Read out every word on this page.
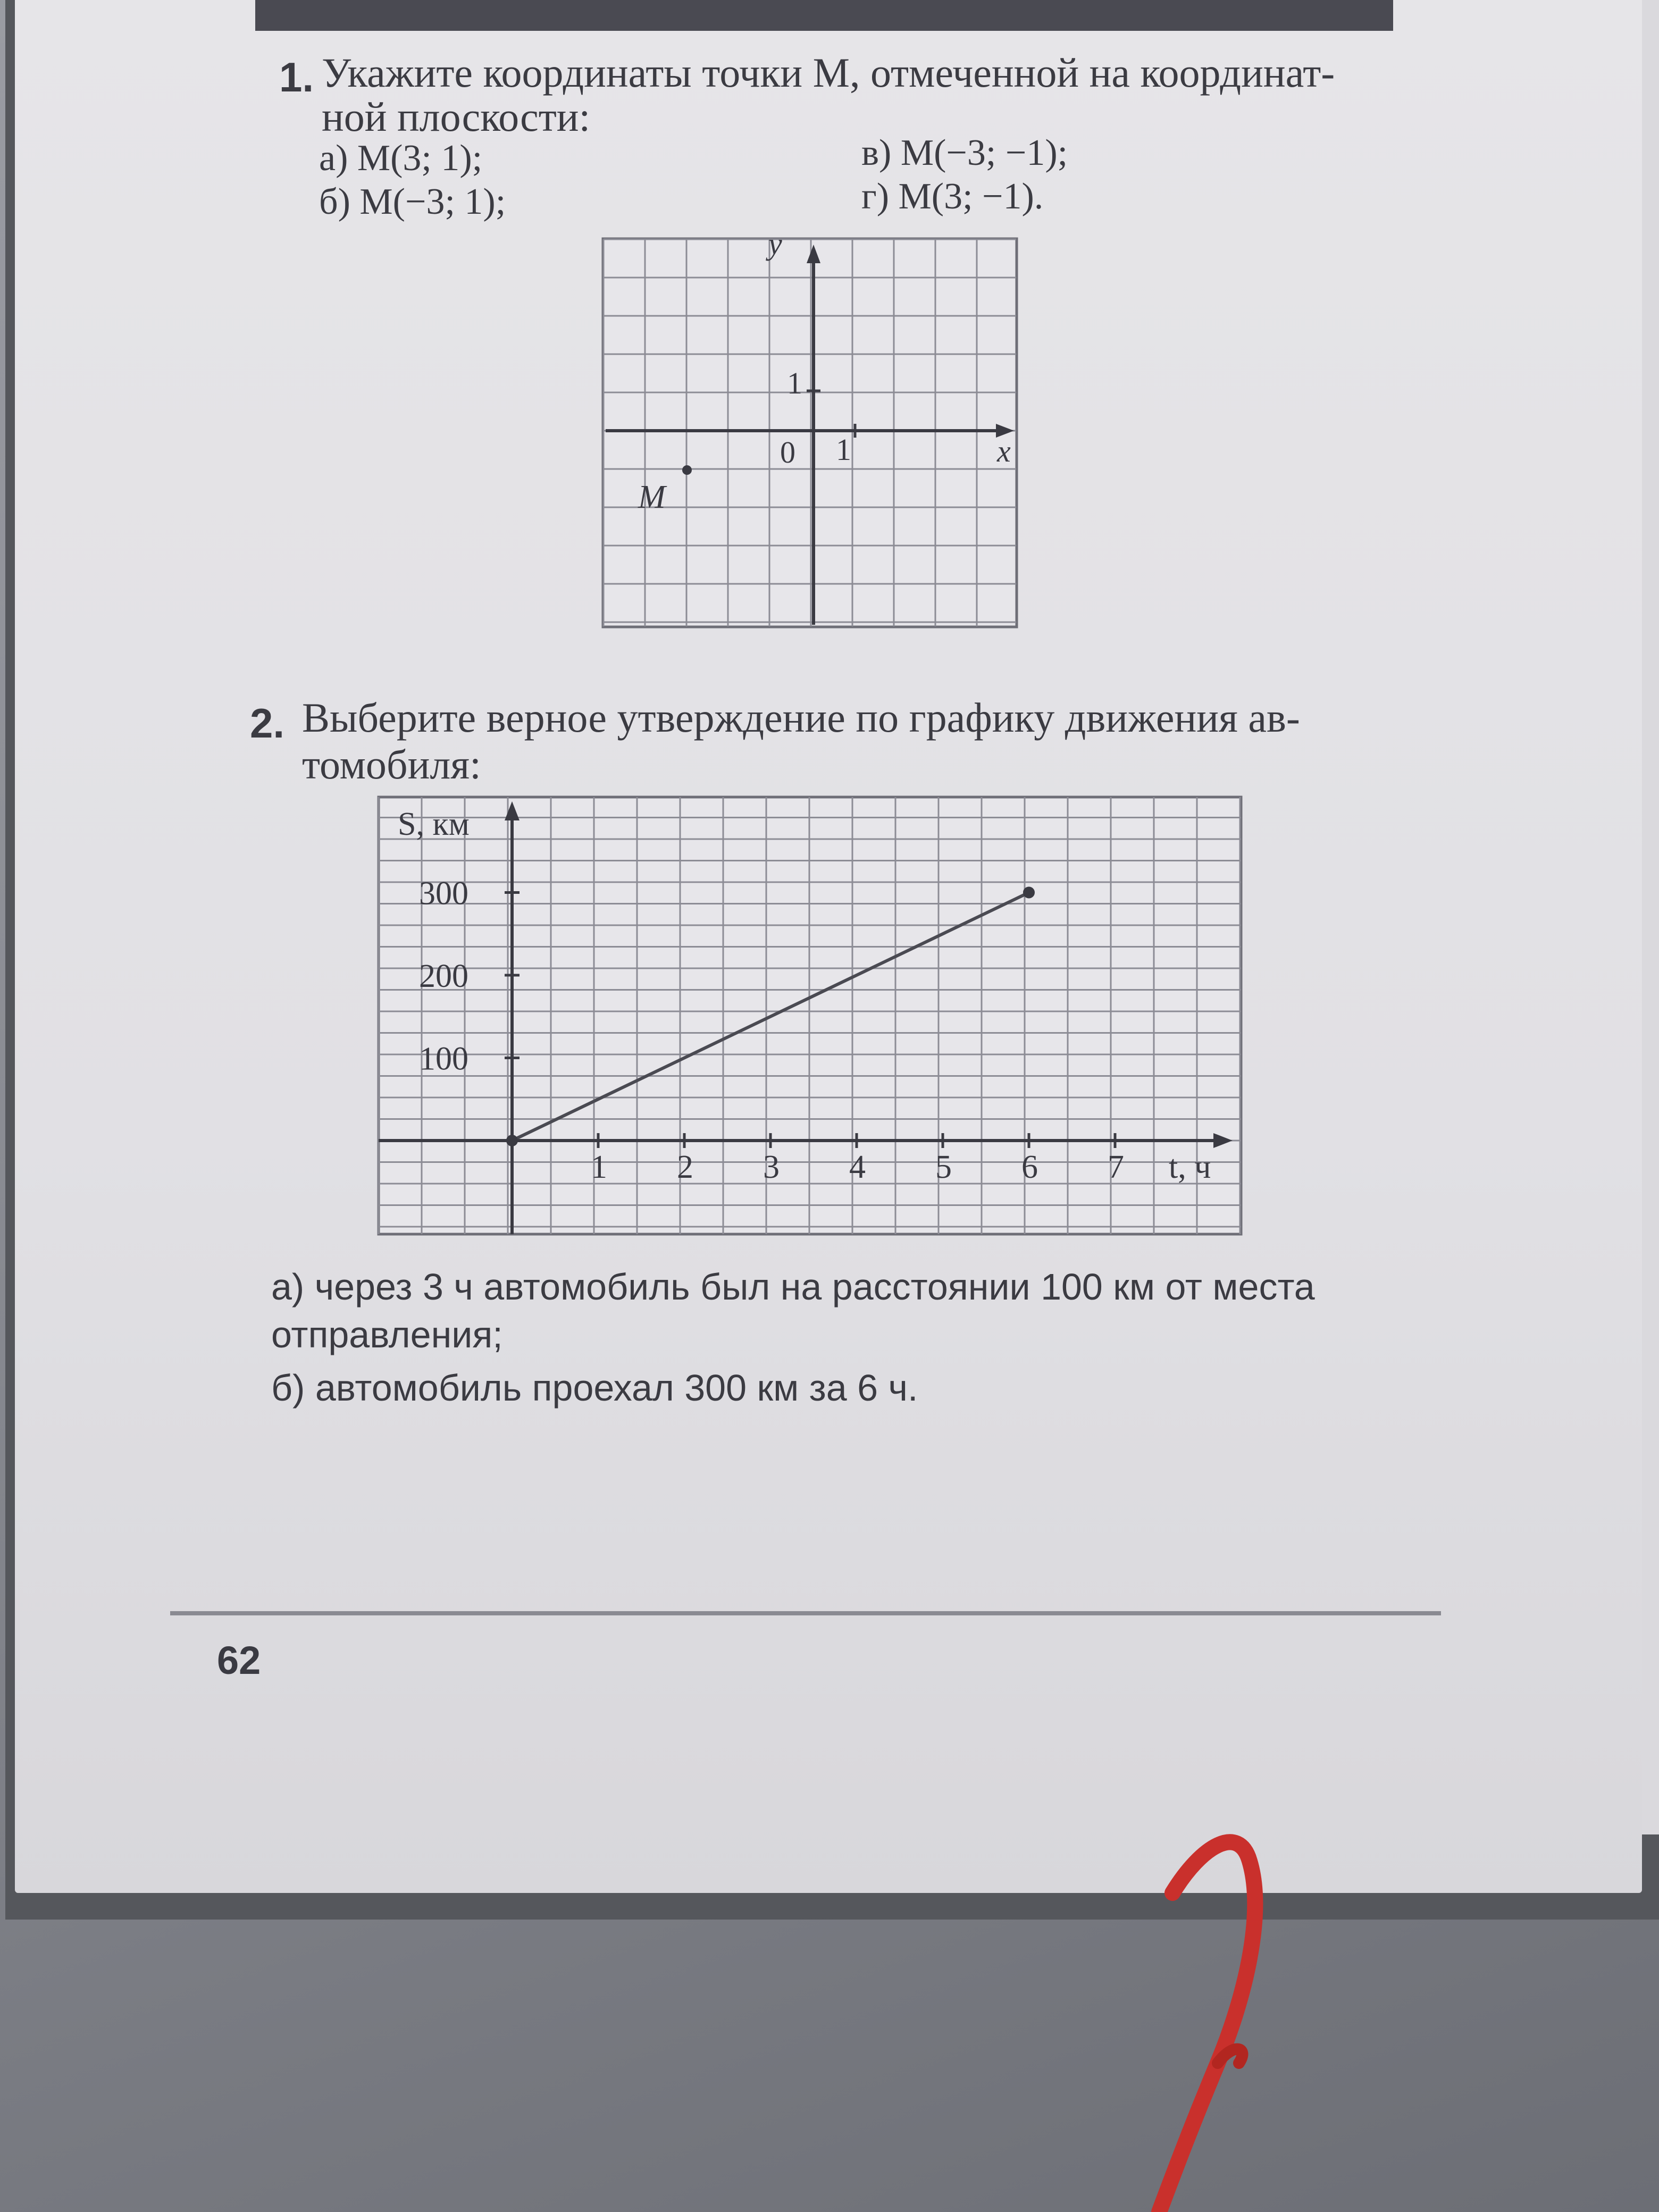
1. Укажите координаты точки M, отмеченной на координат-
ной плоскости:
а) M(3; 1);
б) M(−3; 1);
в) M(−3; −1);
г) M(3; −1).
y
x
0 1
1
M
2. Выберите верное утверждение по графику движения ав-
томобиля:
1 2 3 4 5 6 7
100
200
300
S, км
t, ч
а) через 3 ч автомобиль был на расстоянии 100 км от места
отправления;
б) автомобиль проехал 300 км за 6 ч.
62
